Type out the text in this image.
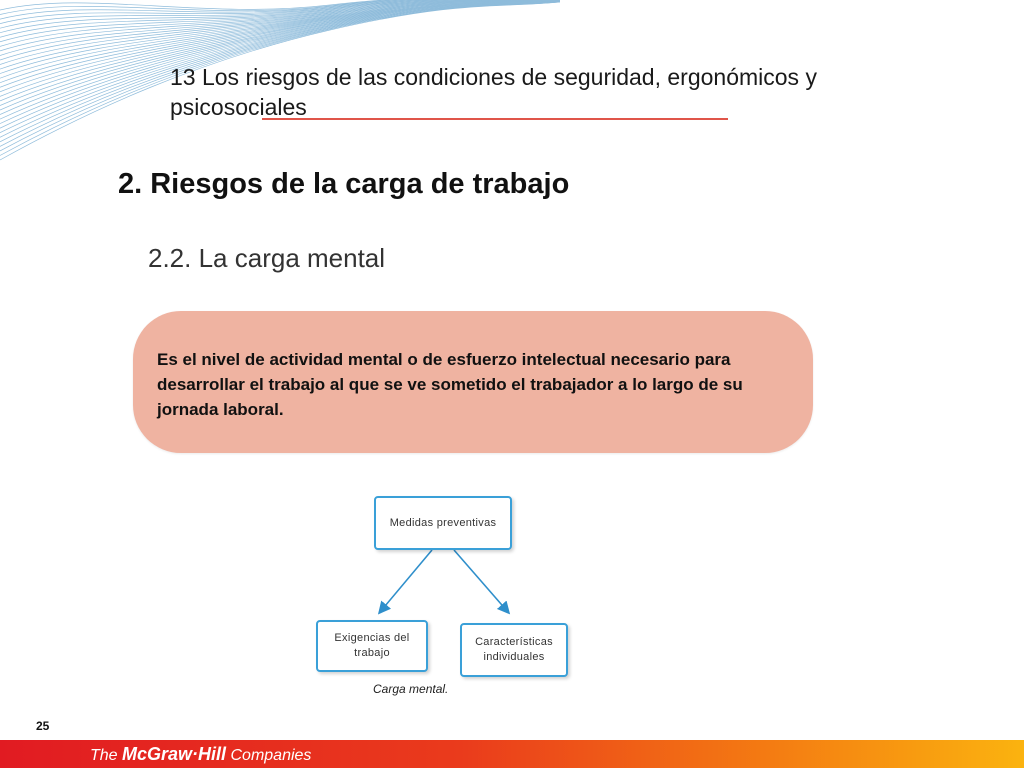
13 Los riesgos de las condiciones de seguridad, ergonómicos y psicosociales
2. Riesgos de la carga de trabajo
2.2. La carga mental
Es el nivel de actividad mental o de esfuerzo intelectual necesario para desarrollar el trabajo al que se ve sometido el trabajador a lo largo de su jornada laboral.
Medidas preventivas
Exigencias del trabajo
Características individuales
Carga mental.
25
The McGraw·Hill Companies
